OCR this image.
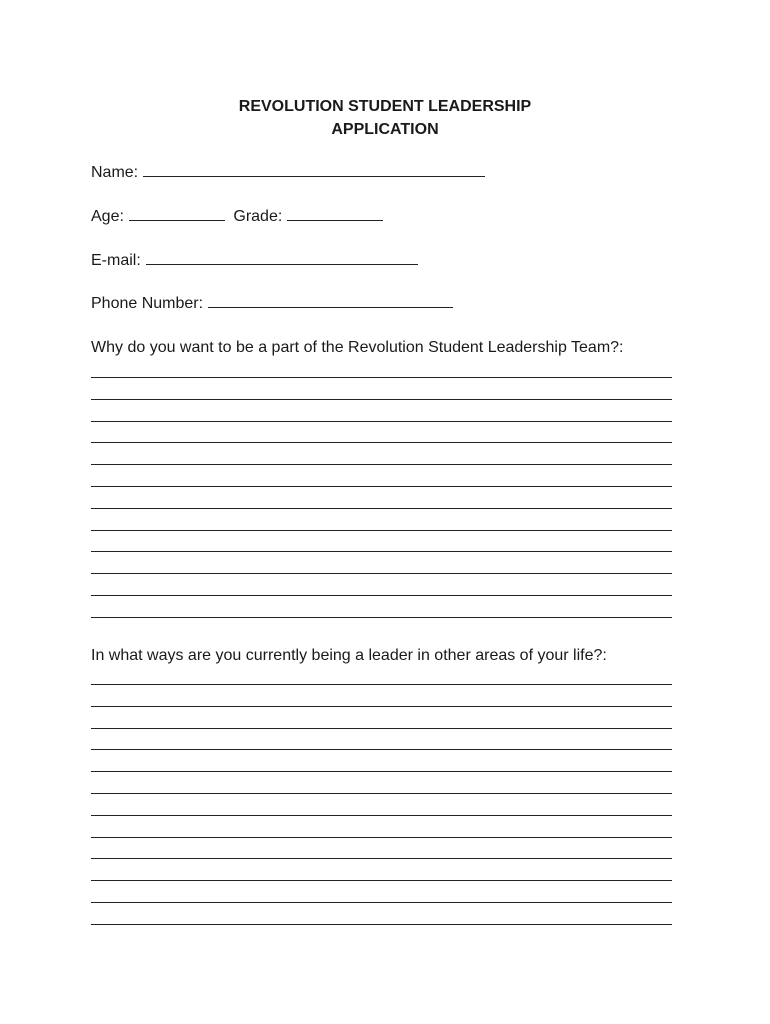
REVOLUTION STUDENT LEADERSHIP
APPLICATION
Name:
Age:	Grade:
E-mail:
Phone Number:
Why do you want to be a part of the Revolution Student Leadership Team?:
In what ways are you currently being a leader in other areas of your life?:
